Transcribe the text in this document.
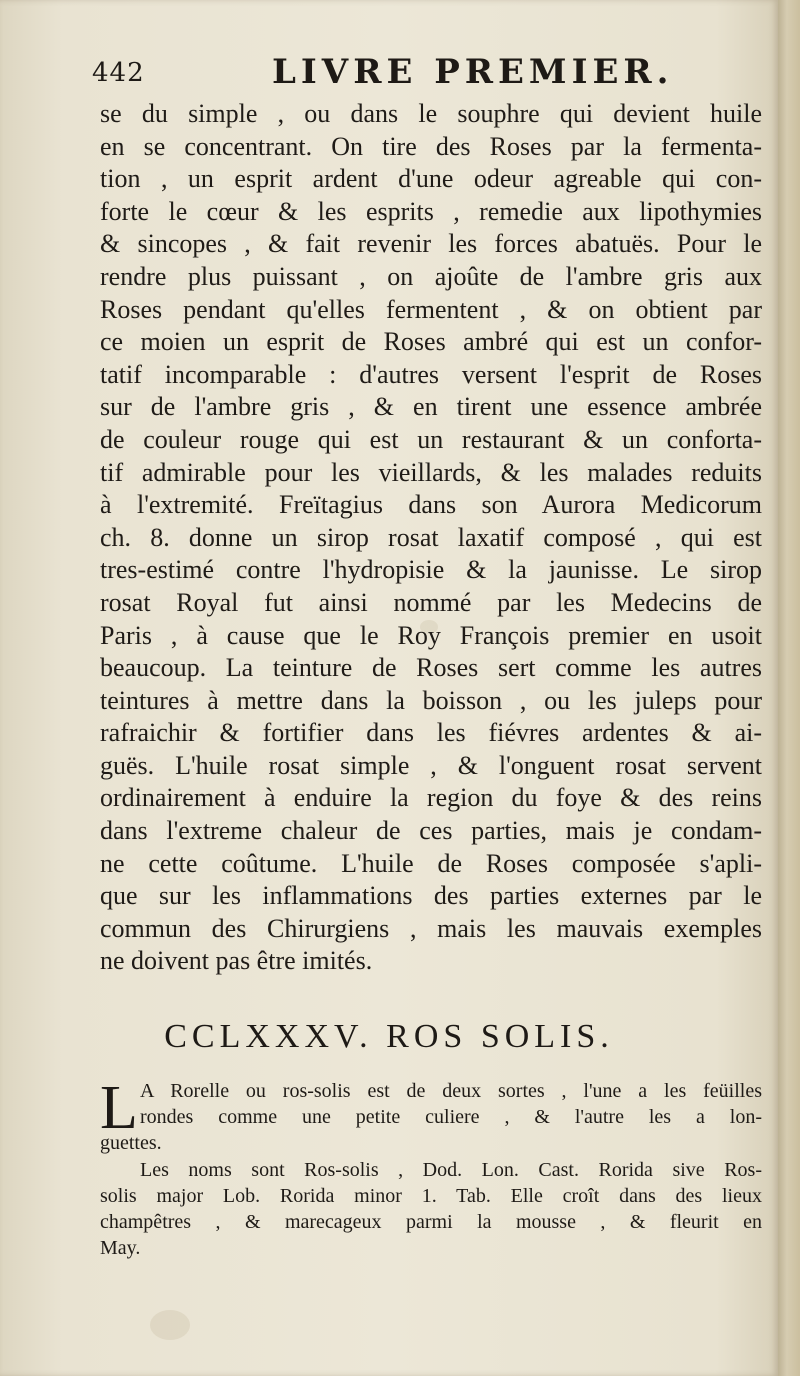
442	LIVRE PREMIER.
se du simple , ou dans le souphre qui devient huile
en se concentrant. On tire des Roses par la fermenta-
tion , un esprit ardent d'une odeur agreable qui con-
forte le cœur & les esprits , remedie aux lipothymies
& sincopes , & fait revenir les forces abatuës. Pour le
rendre plus puissant , on ajoûte de l'ambre gris aux
Roses pendant qu'elles fermentent , & on obtient par
ce moien un esprit de Roses ambré qui est un confor-
tatif incomparable : d'autres versent l'esprit de Roses
sur de l'ambre gris , & en tirent une essence ambrée
de couleur rouge qui est un restaurant & un conforta-
tif admirable pour les vieillards, & les malades reduits
à l'extremité. Freïtagius dans son Aurora Medicorum
ch. 8. donne un sirop rosat laxatif composé , qui est
tres-estimé contre l'hydropisie & la jaunisse. Le sirop
rosat Royal fut ainsi nommé par les Medecins de
Paris , à cause que le Roy François premier en usoit
beaucoup. La teinture de Roses sert comme les autres
teintures à mettre dans la boisson , ou les juleps pour
rafraichir & fortifier dans les fiévres ardentes & ai-
guës. L'huile rosat simple , & l'onguent rosat servent
ordinairement à enduire la region du foye & des reins
dans l'extreme chaleur de ces parties, mais je condam-
ne cette coûtume. L'huile de Roses composée s'apli-
que sur les inflammations des parties externes par le
commun des Chirurgiens , mais les mauvais exemples
ne doivent pas être imités.
CCLXXXV. ROS SOLIS.
L A Rorelle ou ros-solis est de deux sortes , l'une a les feüilles
rondes comme une petite culiere , & l'autre les a lon-
guettes.
Les noms sont Ros-solis , Dod. Lon. Cast. Rorida sive Ros-
solis major Lob. Rorida minor 1. Tab. Elle croît dans des lieux
champêtres , & marecageux parmi la mousse , & fleurit en
May.
